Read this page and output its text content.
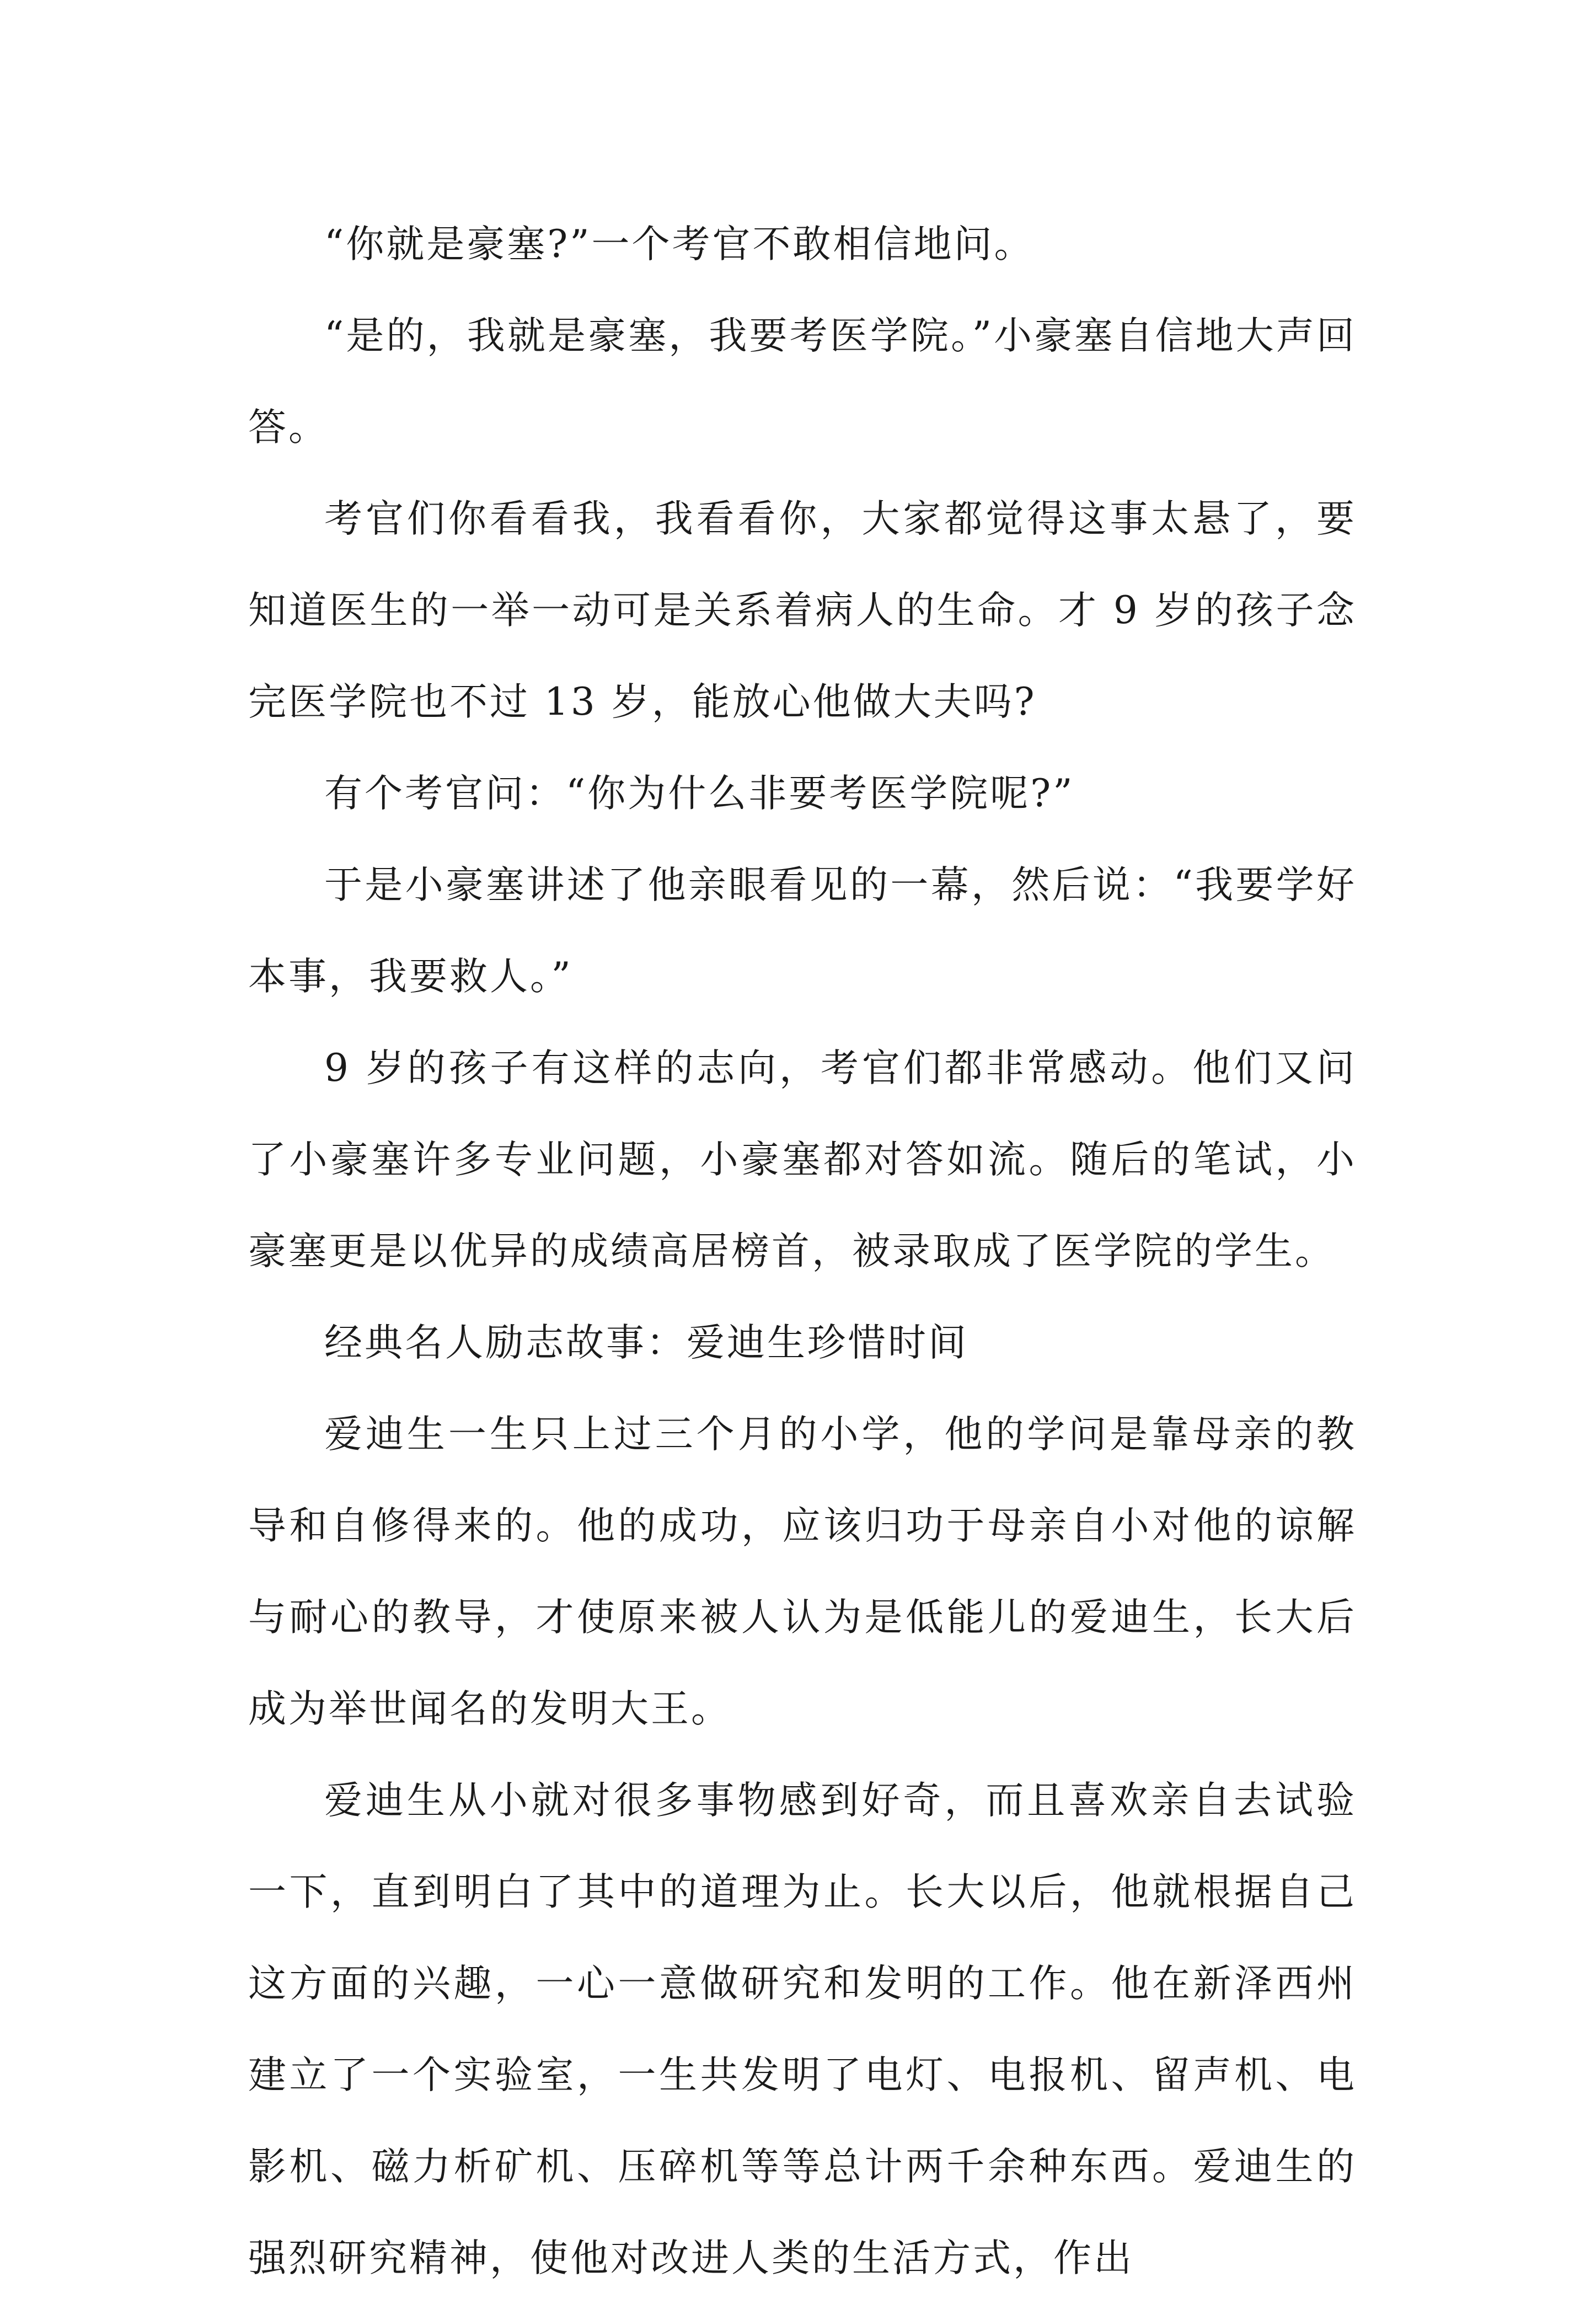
“你就是豪塞?”一个考官不敢相信地问。

“是的，我就是豪塞，我要考医学院。”小豪塞自信地大声回答。

考官们你看看我，我看看你，大家都觉得这事太悬了，要知道医生的一举一动可是关系着病人的生命。才 9 岁的孩子念完医学院也不过 13 岁，能放心他做大夫吗?

有个考官问：“你为什么非要考医学院呢?”

于是小豪塞讲述了他亲眼看见的一幕，然后说：“我要学好本事，我要救人。”

9 岁的孩子有这样的志向，考官们都非常感动。他们又问了小豪塞许多专业问题，小豪塞都对答如流。随后的笔试，小豪塞更是以优异的成绩高居榜首，被录取成了医学院的学生。

经典名人励志故事：爱迪生珍惜时间

爱迪生一生只上过三个月的小学，他的学问是靠母亲的教导和自修得来的。他的成功，应该归功于母亲自小对他的谅解与耐心的教导，才使原来被人认为是低能儿的爱迪生，长大后成为举世闻名的发明大王。

爱迪生从小就对很多事物感到好奇，而且喜欢亲自去试验一下，直到明白了其中的道理为止。长大以后，他就根据自己这方面的兴趣，一心一意做研究和发明的工作。他在新泽西州建立了一个实验室，一生共发明了电灯、电报机、留声机、电影机、磁力析矿机、压碎机等等总计两千余种东西。爱迪生的强烈研究精神，使他对改进人类的生活方式，作出
